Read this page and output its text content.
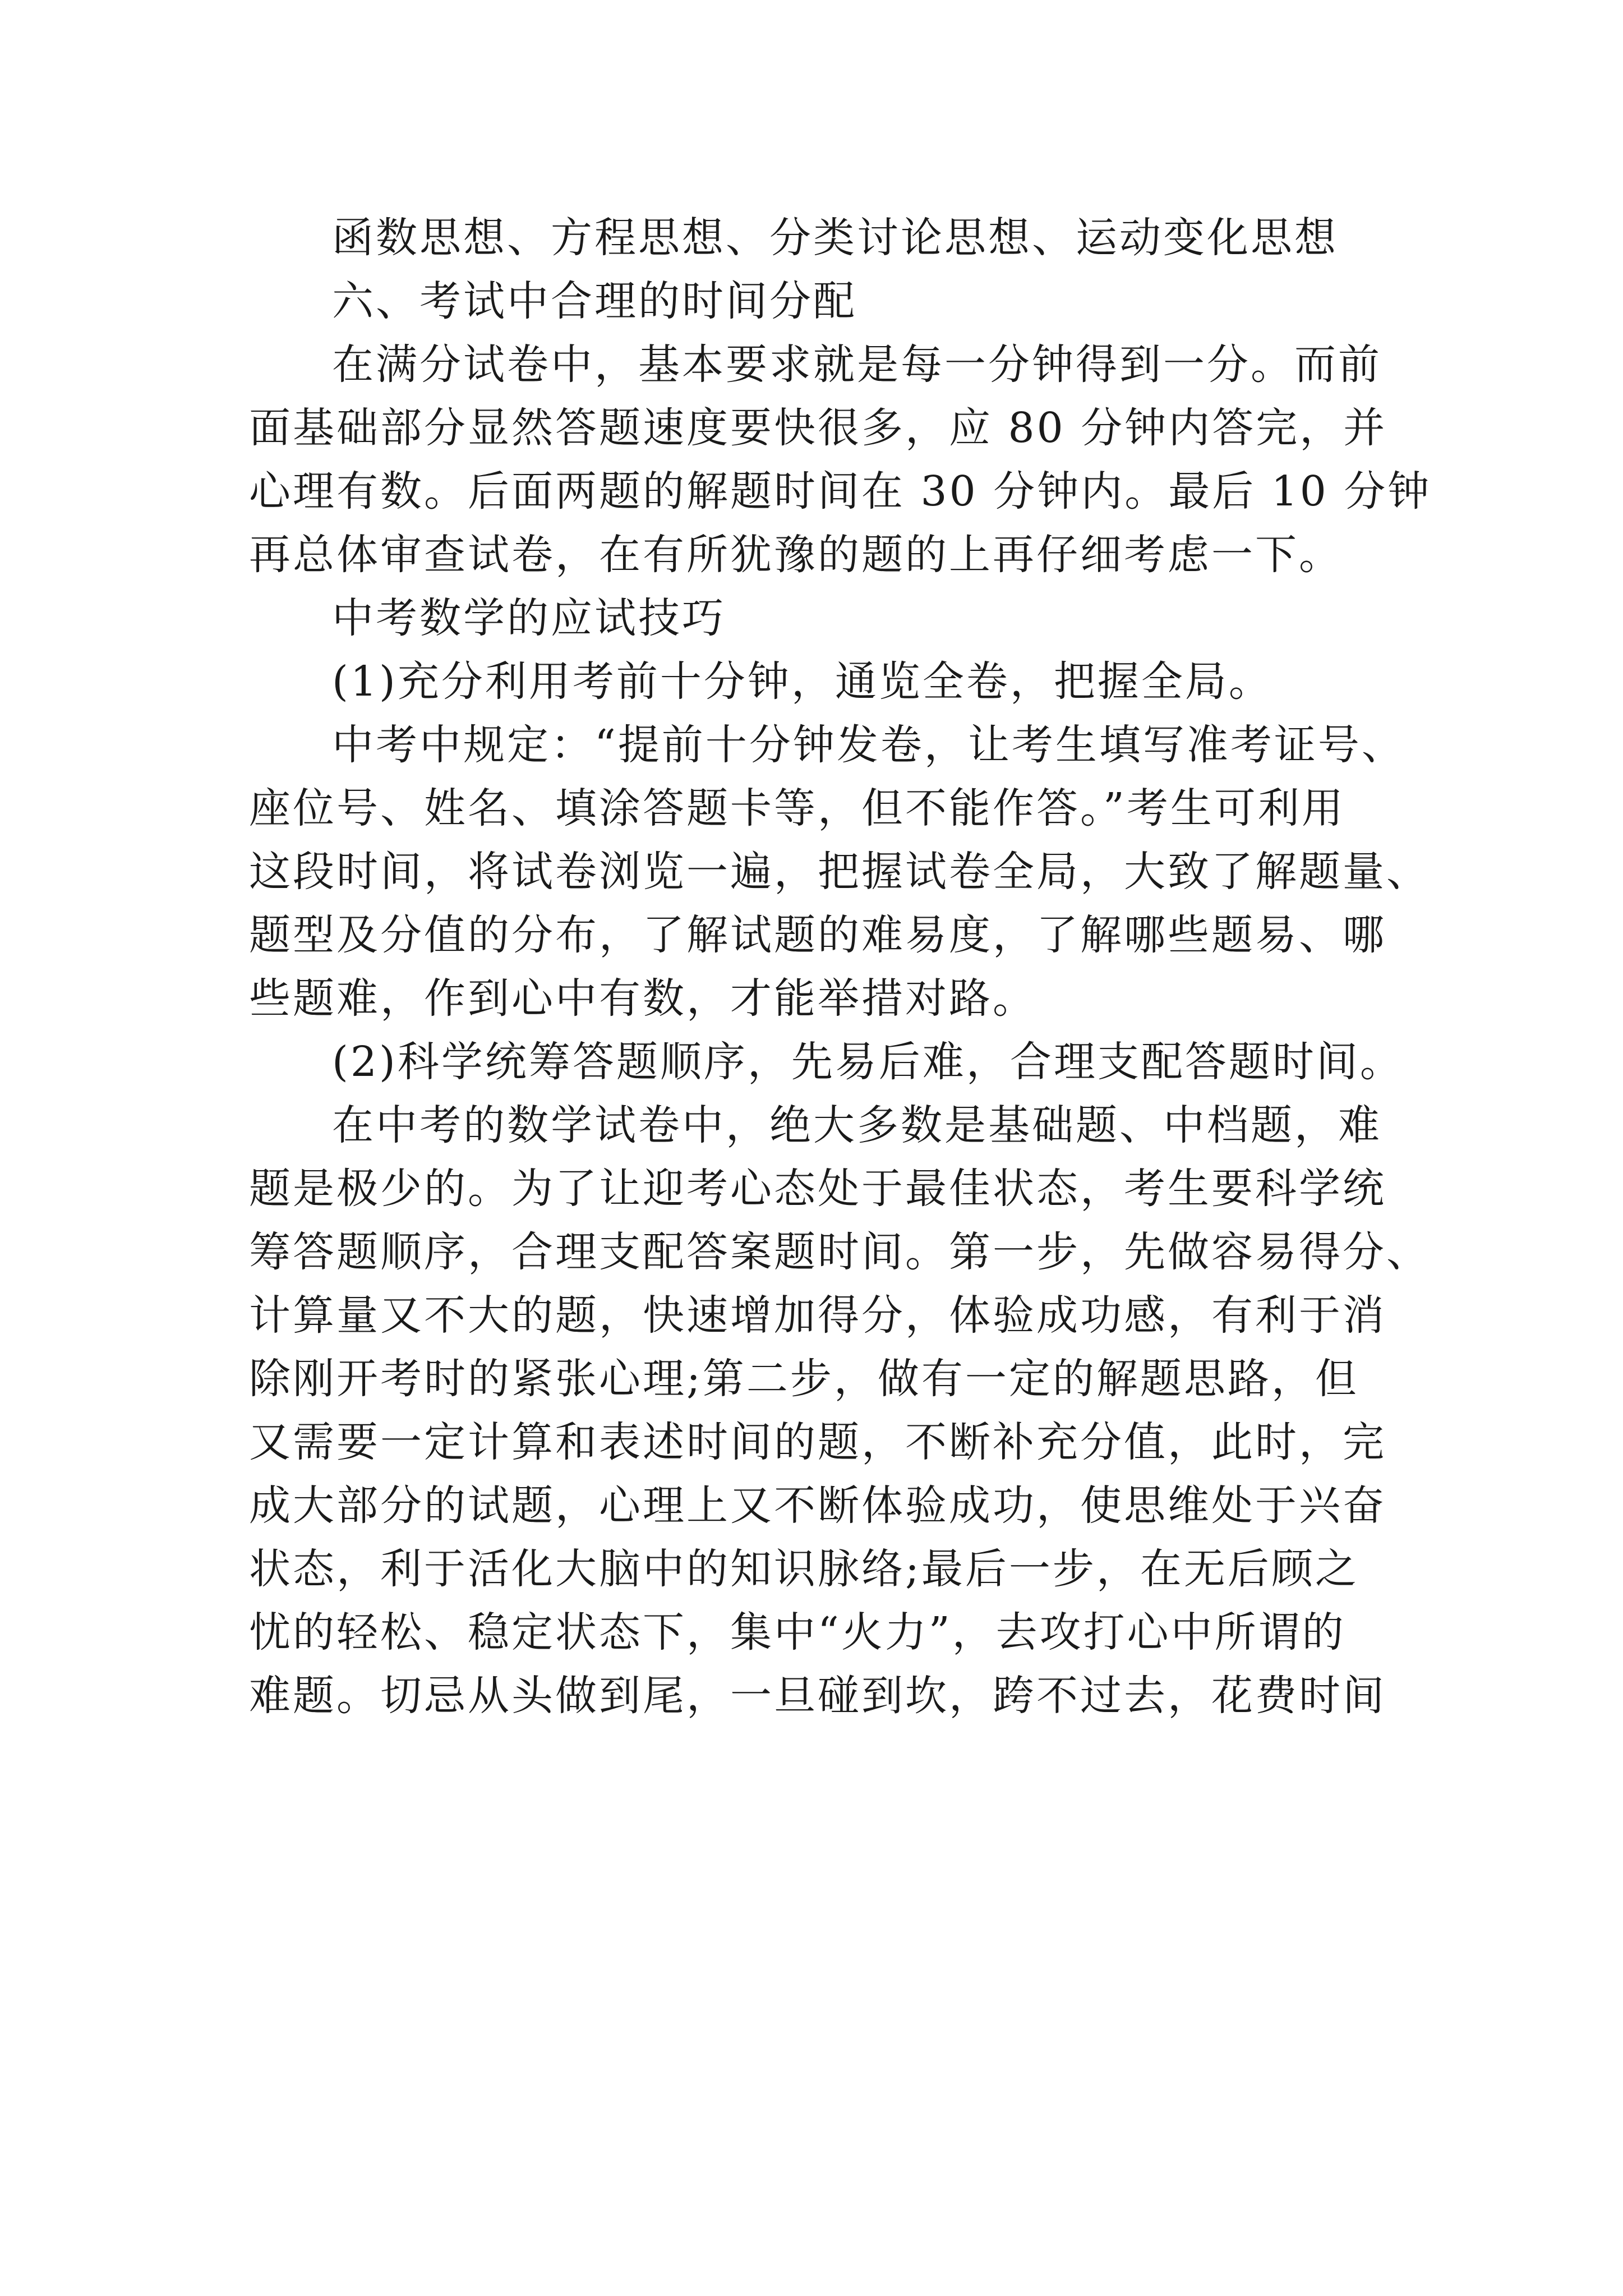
函数思想、方程思想、分类讨论思想、运动变化思想
六、考试中合理的时间分配
在满分试卷中，基本要求就是每一分钟得到一分。而前
面基础部分显然答题速度要快很多，应 80 分钟内答完，并
心理有数。后面两题的解题时间在 30 分钟内。最后 10 分钟
再总体审查试卷，在有所犹豫的题的上再仔细考虑一下。
中考数学的应试技巧
(1)充分利用考前十分钟，通览全卷，把握全局。
中考中规定：“提前十分钟发卷，让考生填写准考证号、
座位号、姓名、填涂答题卡等，但不能作答。”考生可利用
这段时间，将试卷浏览一遍，把握试卷全局，大致了解题量、
题型及分值的分布，了解试题的难易度，了解哪些题易、哪
些题难，作到心中有数，才能举措对路。
(2)科学统筹答题顺序，先易后难，合理支配答题时间。
在中考的数学试卷中，绝大多数是基础题、中档题，难
题是极少的。为了让迎考心态处于最佳状态，考生要科学统
筹答题顺序，合理支配答案题时间。第一步，先做容易得分、
计算量又不大的题，快速增加得分，体验成功感，有利于消
除刚开考时的紧张心理;第二步，做有一定的解题思路，但
又需要一定计算和表述时间的题，不断补充分值，此时，完
成大部分的试题，心理上又不断体验成功，使思维处于兴奋
状态，利于活化大脑中的知识脉络;最后一步，在无后顾之
忧的轻松、稳定状态下，集中“火力”，去攻打心中所谓的
难题。切忌从头做到尾，一旦碰到坎，跨不过去，花费时间
